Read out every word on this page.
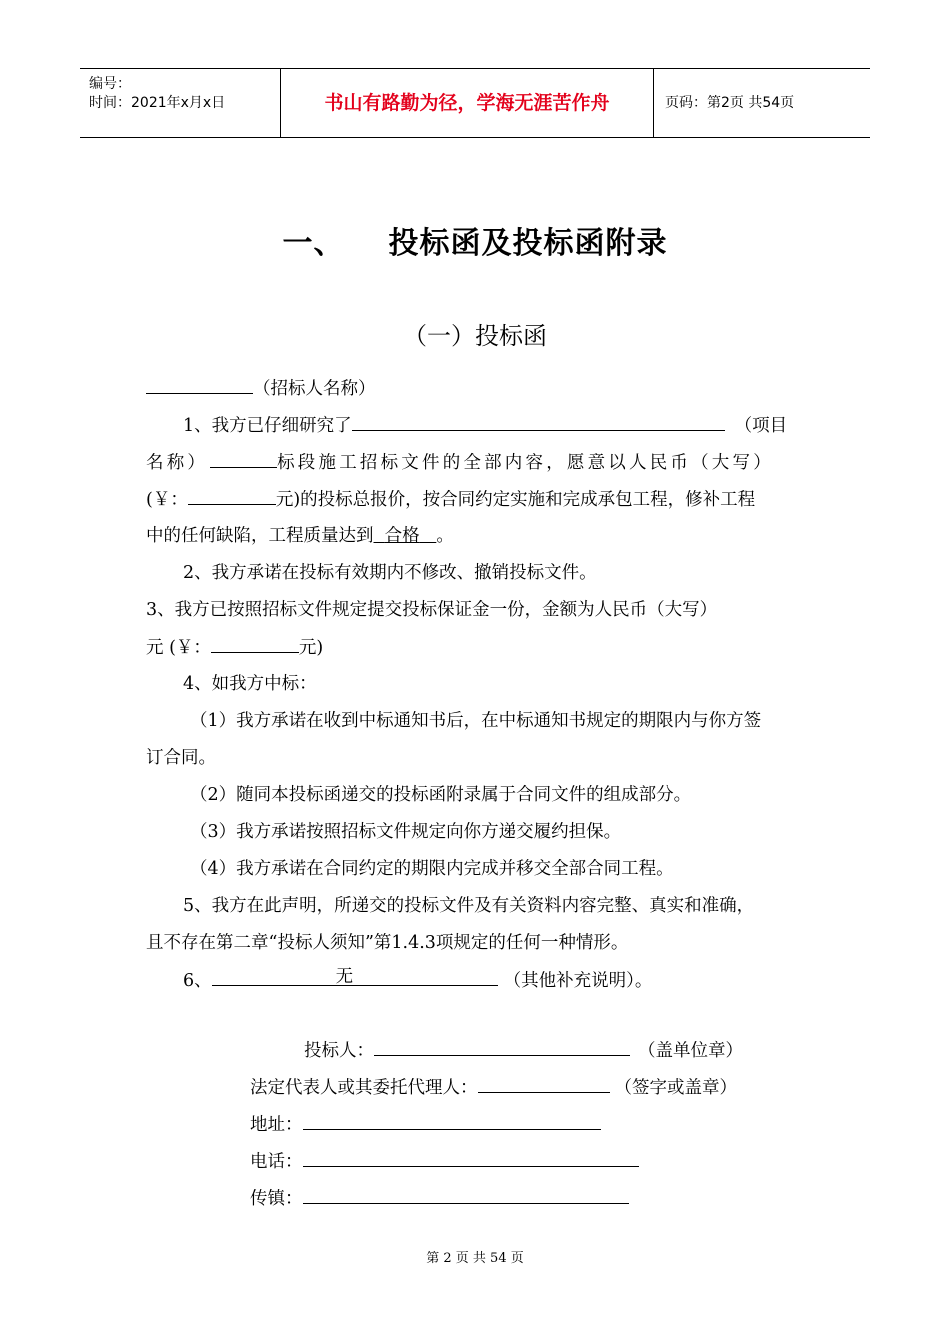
编号：
时间：2021年x月x日	书山有路勤为径，学海无涯苦作舟	页码：第2页 共54页
一、 投标函及投标函附录
（一）投标函
（招标人名称）
1、我方已仔细研究了	（项目
名称）	标段施工招标文件的全部内容，愿意以人民币（大写）
(￥：	元)的投标总报价，按合同约定实施和完成承包工程，修补工程
中的任何缺陷，工程质量达到 合格 。
2、我方承诺在投标有效期内不修改、撤销投标文件。
3、我方已按照招标文件规定提交投标保证金一份，金额为人民币（大写）
元 (￥：	元)
4、如我方中标：
（1）我方承诺在收到中标通知书后，在中标通知书规定的期限内与你方签
订合同。
（2）随同本投标函递交的投标函附录属于合同文件的组成部分。
（3）我方承诺按照招标文件规定向你方递交履约担保。
（4）我方承诺在合同约定的期限内完成并移交全部合同工程。
5、我方在此声明，所递交的投标文件及有关资料内容完整、真实和准确，
且不存在第二章“投标人须知”第1.4.3项规定的任何一种情形。
6、	无	（其他补充说明）。
投标人：	（盖单位章）
法定代表人或其委托代理人：	（签字或盖章）
地址：
电话：
传镇：
第 2 页 共 54 页
